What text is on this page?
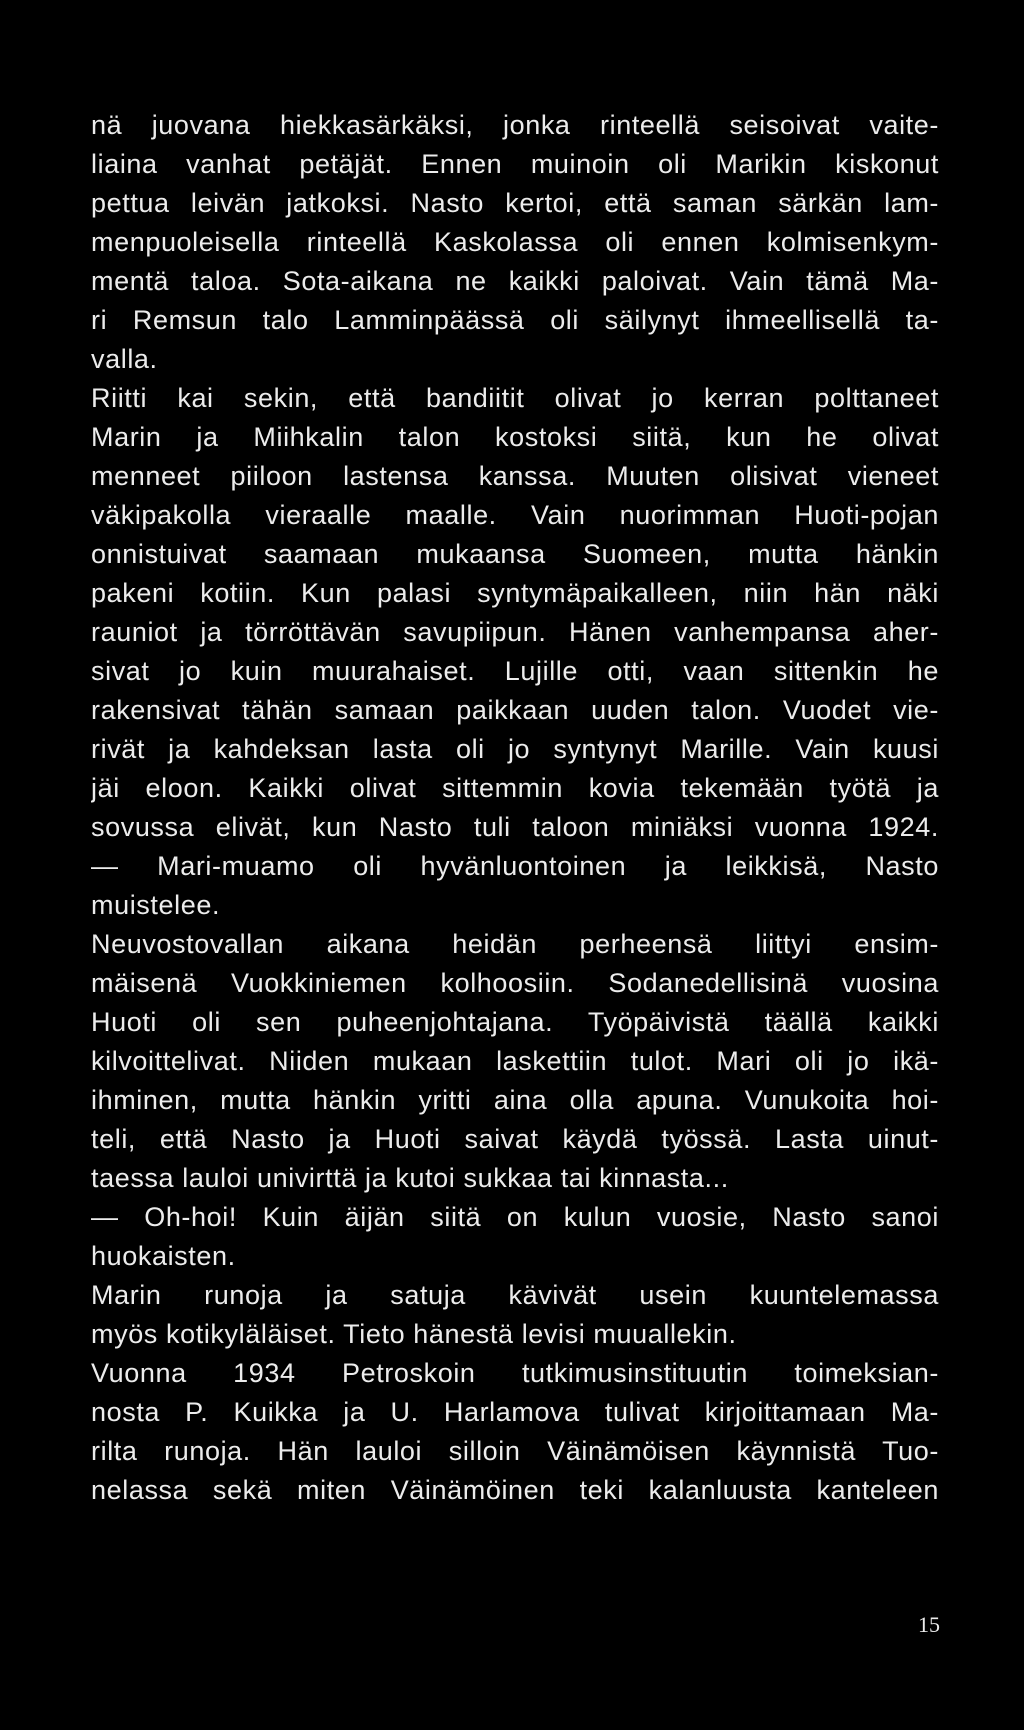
nä juovana hiekkasärkäksi, jonka rinteellä seisoivat vaite-
liaina vanhat petäjät. Ennen muinoin oli Marikin kiskonut
pettua leivän jatkoksi. Nasto kertoi, että saman särkän lam-
menpuoleisella rinteellä Kaskolassa oli ennen kolmisenkym-
mentä taloa. Sota-aikana ne kaikki paloivat. Vain tämä Ma-
ri Remsun talo Lamminpäässä oli säilynyt ihmeellisellä ta-
valla.
Riitti kai sekin, että bandiitit olivat jo kerran polttaneet
Marin ja Miihkalin talon kostoksi siitä, kun he olivat
menneet piiloon lastensa kanssa. Muuten olisivat vieneet
väkipakolla vieraalle maalle. Vain nuorimman Huoti-pojan
onnistuivat saamaan mukaansa Suomeen, mutta hänkin
pakeni kotiin. Kun palasi syntymäpaikalleen, niin hän näki
rauniot ja törröttävän savupiipun. Hänen vanhempansa aher-
sivat jo kuin muurahaiset. Lujille otti, vaan sittenkin he
rakensivat tähän samaan paikkaan uuden talon. Vuodet vie-
rivät ja kahdeksan lasta oli jo syntynyt Marille. Vain kuusi
jäi eloon. Kaikki olivat sittemmin kovia tekemään työtä ja
sovussa elivät, kun Nasto tuli taloon miniäksi vuonna 1924.
— Mari-muamo oli hyvänluontoinen ja leikkisä, Nasto
muistelee.
Neuvostovallan aikana heidän perheensä liittyi ensim-
mäisenä Vuokkiniemen kolhoosiin. Sodanedellisinä vuosina
Huoti oli sen puheenjohtajana. Työpäivistä täällä kaikki
kilvoittelivat. Niiden mukaan laskettiin tulot. Mari oli jo ikä-
ihminen, mutta hänkin yritti aina olla apuna. Vunukoita hoi-
teli, että Nasto ja Huoti saivat käydä työssä. Lasta uinut-
taessa lauloi univirttä ja kutoi sukkaa tai kinnasta...
— Oh-hoi! Kuin äijän siitä on kulun vuosie, Nasto sanoi
huokaisten.
Marin runoja ja satuja kävivät usein kuuntelemassa
myös kotikyläläiset. Tieto hänestä levisi muuallekin.
Vuonna 1934 Petroskoin tutkimusinstituutin toimeksian-
nosta P. Kuikka ja U. Harlamova tulivat kirjoittamaan Ma-
rilta runoja. Hän lauloi silloin Väinämöisen käynnistä Tuo-
nelassa sekä miten Väinämöinen teki kalanluusta kanteleen
15
